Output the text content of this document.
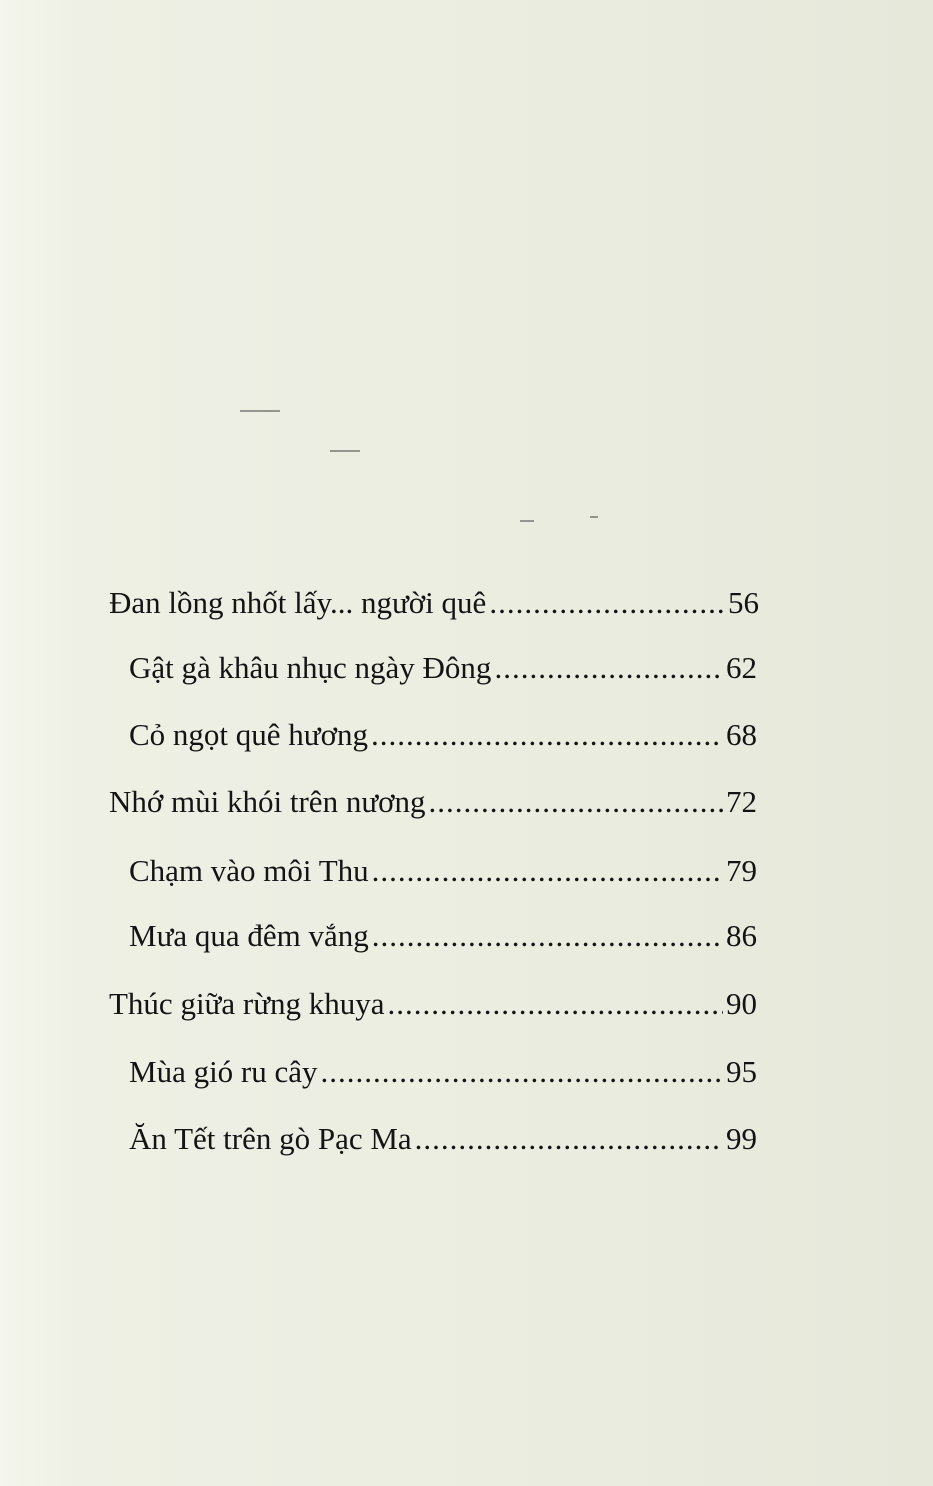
Đan lồng nhốt lấy... người quê .....	56
Gật gà khâu nhục ngày Đông .....	62
Cỏ ngọt quê hương .....	68
Nhớ mùi khói trên nương .....	72
Chạm vào môi Thu .....	79
Mưa qua đêm vắng .....	86
Thúc giữa rừng khuya .....	90
Mùa gió ru cây .....	95
Ăn Tết trên gò Pạc Ma .....	99
